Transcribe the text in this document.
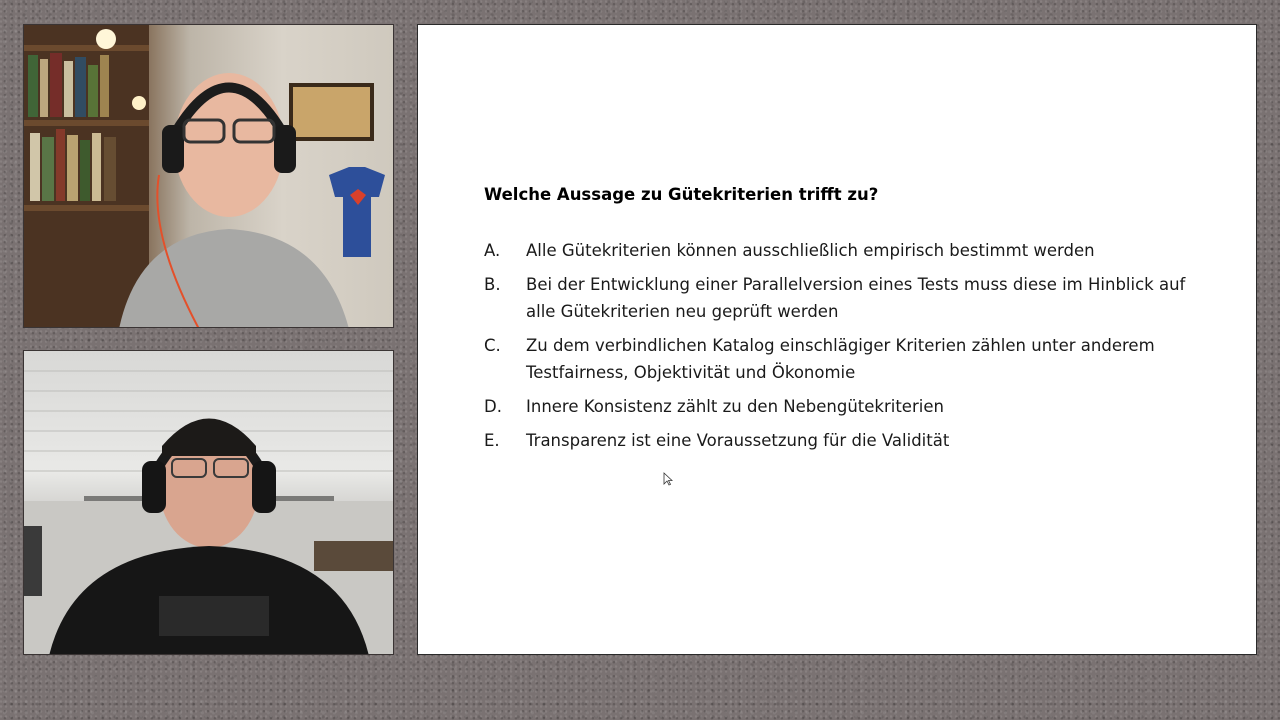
Welche Aussage zu Gütekriterien trifft zu?

A.	Alle Gütekriterien können ausschließlich empirisch bestimmt werden
B.	Bei der Entwicklung einer Parallelversion eines Tests muss diese im Hinblick auf alle Gütekriterien neu geprüft werden
C.	Zu dem verbindlichen Katalog einschlägiger Kriterien zählen unter anderem Testfairness, Objektivität und Ökonomie
D.	Innere Konsistenz zählt zu den Nebengütekriterien
E.	Transparenz ist eine Voraussetzung für die Validität
